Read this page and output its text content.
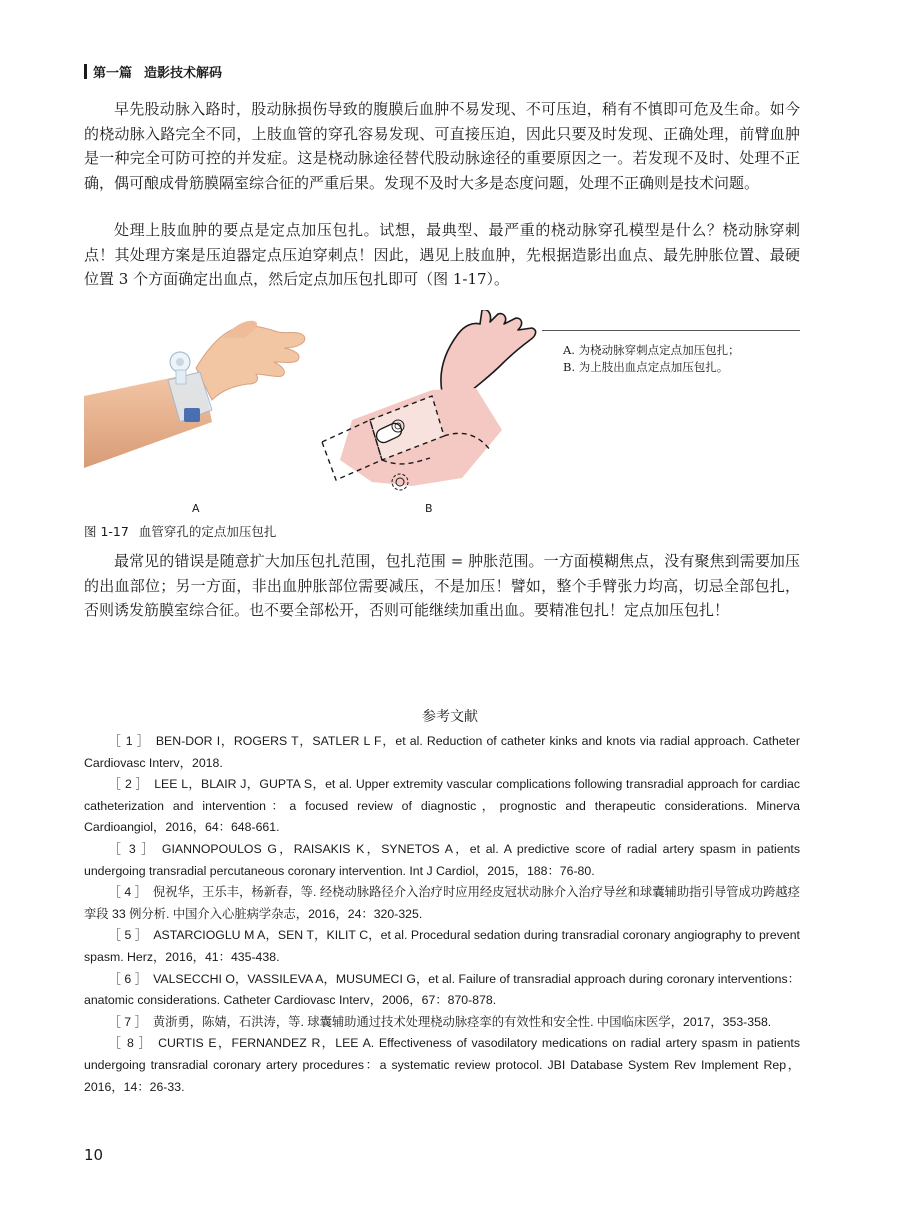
第一篇 造影技术解码

早先股动脉入路时，股动脉损伤导致的腹膜后血肿不易发现、不可压迫，稍有不慎即可危及生命。如今的桡动脉入路完全不同，上肢血管的穿孔容易发现、可直接压迫，因此只要及时发现、正确处理，前臂血肿是一种完全可防可控的并发症。这是桡动脉途径替代股动脉途径的重要原因之一。若发现不及时、处理不正确，偶可酿成骨筋膜隔室综合征的严重后果。发现不及时大多是态度问题，处理不正确则是技术问题。

处理上肢血肿的要点是定点加压包扎。试想，最典型、最严重的桡动脉穿孔模型是什么？桡动脉穿刺点！其处理方案是压迫器定点压迫穿刺点！因此，遇见上肢血肿，先根据造影出血点、最先肿胀位置、最硬位置 3 个方面确定出血点，然后定点加压包扎即可（图 1-17）。

A	B
A. 为桡动脉穿刺点定点加压包扎；
B. 为上肢出血点定点加压包扎。
图 1-17 血管穿孔的定点加压包扎

最常见的错误是随意扩大加压包扎范围，包扎范围 = 肿胀范围。一方面模糊焦点，没有聚焦到需要加压的出血部位；另一方面，非出血肿胀部位需要减压，不是加压！譬如，整个手臂张力均高，切忌全部包扎，否则诱发筋膜室综合征。也不要全部松开，否则可能继续加重出血。要精准包扎！定点加压包扎！

参考文献

［ 1 ］ BEN-DOR I，ROGERS T，SATLER L F，et al. Reduction of catheter kinks and knots via radial approach. Catheter Cardiovasc Interv，2018.

［ 2 ］ LEE L，BLAIR J，GUPTA S，et al. Upper extremity vascular complications following transradial approach for cardiac catheterization and intervention：a focused review of diagnostic，prognostic and therapeutic considerations. Minerva Cardioangiol，2016，64：648-661.

［ 3 ］ GIANNOPOULOS G，RAISAKIS K，SYNETOS A，et al. A predictive score of radial artery spasm in patients undergoing transradial percutaneous coronary intervention. Int J Cardiol，2015，188：76-80.

［ 4 ］ 倪祝华，王乐丰，杨新春，等. 经桡动脉路径介入治疗时应用经皮冠状动脉介入治疗导丝和球囊辅助指引导管成功跨越痉挛段 33 例分析. 中国介入心脏病学杂志，2016，24：320-325.

［ 5 ］ ASTARCIOGLU M A，SEN T，KILIT C，et al. Procedural sedation during transradial coronary angiography to prevent spasm. Herz，2016，41：435-438.

［ 6 ］ VALSECCHI O，VASSILEVA A，MUSUMECI G，et al. Failure of transradial approach during coronary interventions：anatomic considerations. Catheter Cardiovasc Interv，2006，67：870-878.

［ 7 ］ 黄浙勇，陈婧，石洪涛，等. 球囊辅助通过技术处理桡动脉痉挛的有效性和安全性. 中国临床医学，2017，353-358.

［ 8 ］ CURTIS E，FERNANDEZ R，LEE A. Effectiveness of vasodilatory medications on radial artery spasm in patients undergoing transradial coronary artery procedures：a systematic review protocol. JBI Database System Rev Implement Rep，2016，14：26-33.

10
